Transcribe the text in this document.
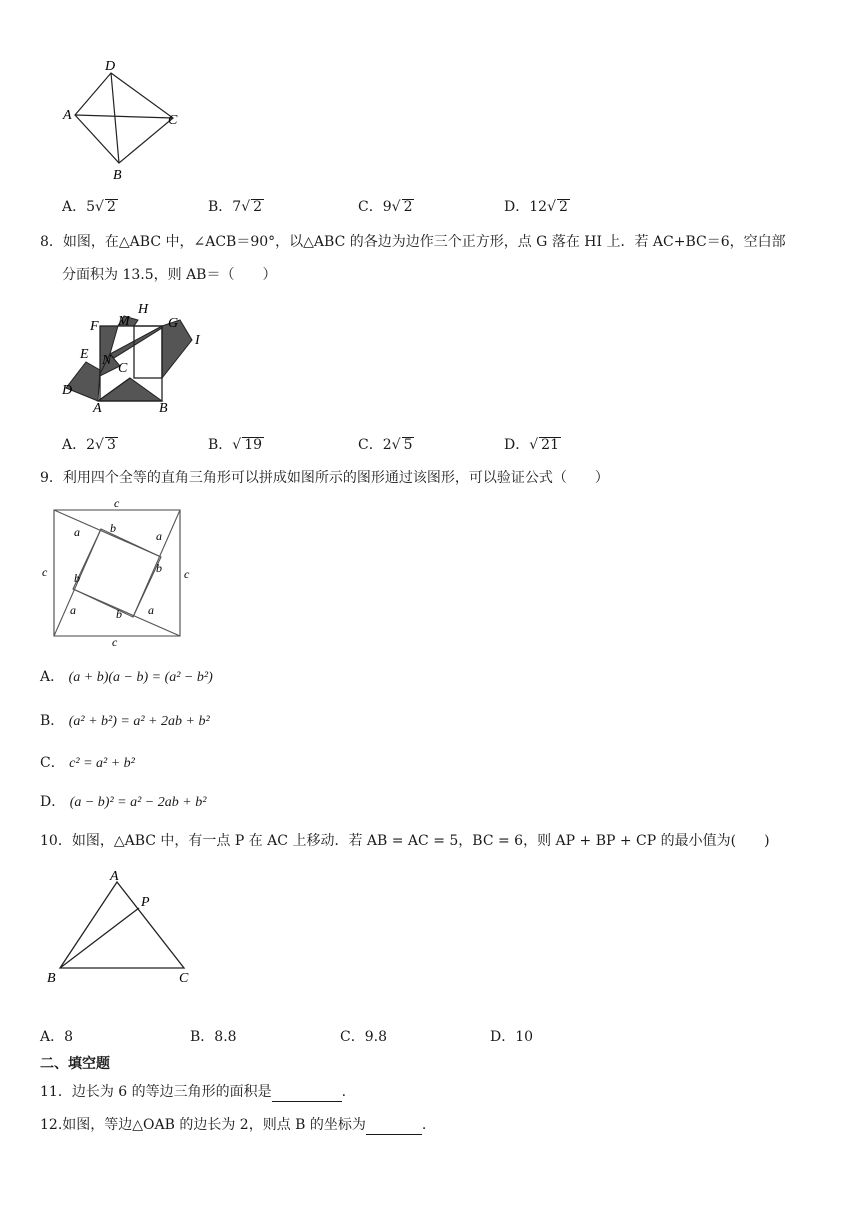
D
A	C
B
A．5√ 2	B．7√ 2	C．9√ 2	D．12√ 2
8．如图，在△ABC 中，∠ACB＝90°，以△ABC 的各边为边作三个正方形，点 G 落在 HI 上．若 AC+BC＝6，空白部
分面积为 13.5，则 AB＝（　　）
H
M	G
F
I
E N
C
D
A	B
A．2√ 3	B．√ 19	C．2√ 5	D．√ 21
9．利用四个全等的直角三角形可以拼成如图所示的图形通过该图形，可以验证公式（　　）
c
c	c
c
a	b
a
b
b
a	b a
A． (a + b)(a − b) = (a² − b²)
B． (a² + b²) = a² + 2ab + b²
C． c² = a² + b²
D． (a − b)² = a² − 2ab + b²
10．如图，△ABC 中，有一点 P 在 AC 上移动．若 AB = AC = 5，BC = 6，则 AP + BP + CP 的最小值为(　　)
A
P
B	C
A．8	B．8.8	C．9.8	D．10
二、填空题
11．边长为 6 的等边三角形的面积是	.
12.如图，等边△OAB 的边长为 2，则点 B 的坐标为	.
